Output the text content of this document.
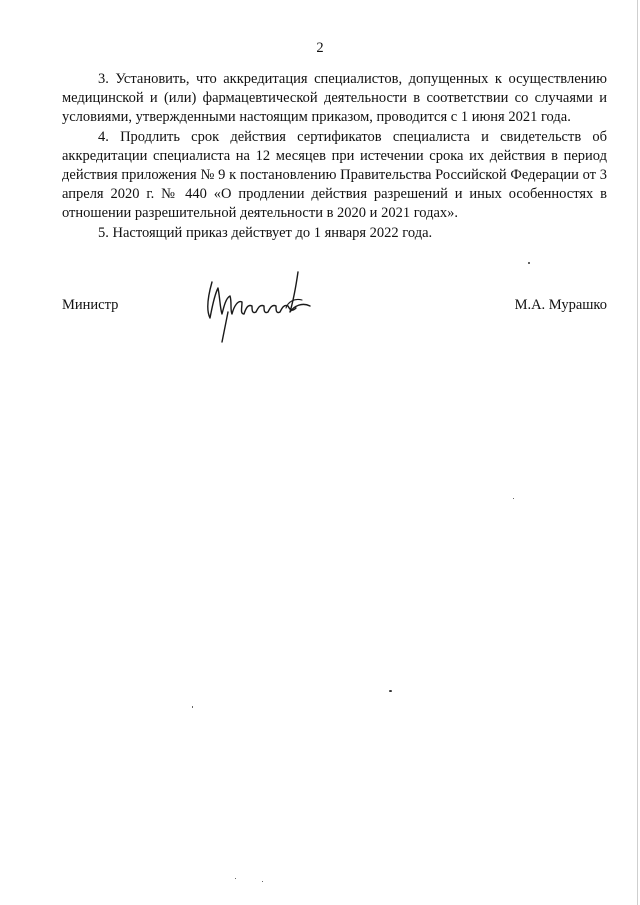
2

3. Установить, что аккредитация специалистов, допущенных к осуществлению медицинской и (или) фармацевтической деятельности в соответствии со случаями и условиями, утвержденными настоящим приказом, проводится с 1 июня 2021 года.

4. Продлить срок действия сертификатов специалиста и свидетельств об аккредитации специалиста на 12 месяцев при истечении срока их действия в период действия приложения № 9 к постановлению Правительства Российской Федерации от 3 апреля 2020 г. № 440 «О продлении действия разрешений и иных особенностях в отношении разрешительной деятельности в 2020 и 2021 годах».

5. Настоящий приказ действует до 1 января 2022 года.

Министр	М.А. Мурашко
